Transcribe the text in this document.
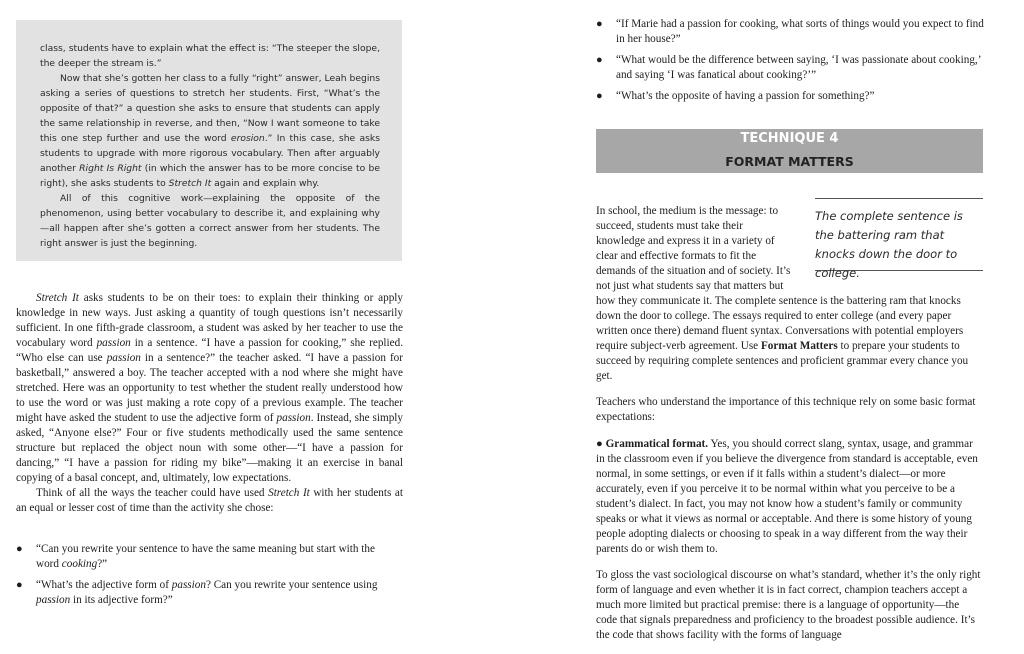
class, students have to explain what the effect is: “The steeper the slope, the deeper the stream is.”

Now that she’s gotten her class to a fully “right” answer, Leah begins asking a series of questions to stretch her students. First, “What’s the opposite of that?” a question she asks to ensure that students can apply the same relationship in reverse, and then, “Now I want someone to take this one step further and use the word erosion.” In this case, she asks students to upgrade with more rigorous vocabulary. Then after arguably another Right Is Right (in which the answer has to be more concise to be right), she asks students to Stretch It again and explain why.

All of this cognitive work—explaining the opposite of the phenomenon, using better vocabulary to describe it, and explaining why—all happen after she’s gotten a correct answer from her students. The right answer is just the beginning.

Stretch It asks students to be on their toes: to explain their thinking or apply knowledge in new ways. Just asking a quantity of tough questions isn’t necessarily sufficient. In one fifth-grade classroom, a student was asked by her teacher to use the vocabulary word passion in a sentence. “I have a passion for cooking,” she replied. “Who else can use passion in a sentence?” the teacher asked. “I have a passion for basketball,” answered a boy. The teacher accepted with a nod where she might have stretched. Here was an opportunity to test whether the student really understood how to use the word or was just making a rote copy of a previous example. The teacher might have asked the student to use the adjective form of passion. Instead, she simply asked, “Anyone else?” Four or five students methodically used the same sentence structure but replaced the object noun with some other—“I have a passion for dancing,” “I have a passion for riding my bike”—making it an exercise in banal copying of a basal concept, and, ultimately, low expectations.

Think of all the ways the teacher could have used Stretch It with her students at an equal or lesser cost of time than the activity she chose:

● “Can you rewrite your sentence to have the same meaning but start with the word cooking?”
● “What’s the adjective form of passion? Can you rewrite your sentence using passion in its adjective form?”
● “If Marie had a passion for cooking, what sorts of things would you expect to find in her house?”
● “What would be the difference between saying, ‘I was passionate about cooking,’ and saying ‘I was fanatical about cooking?’”
● “What’s the opposite of having a passion for something?”
TECHNIQUE 4
FORMAT MATTERS
The complete sentence is the battering ram that knocks down the door to college.

In school, the medium is the message: to succeed, students must take their knowledge and express it in a variety of clear and effective formats to fit the demands of the situation and of society. It’s not just what students say that matters but

how they communicate it. The complete sentence is the battering ram that knocks down the door to college. The essays required to enter college (and every paper written once there) demand fluent syntax. Conversations with potential employers require subject-verb agreement. Use Format Matters to prepare your students to succeed by requiring complete sentences and proficient grammar every chance you get.

Teachers who understand the importance of this technique rely on some basic format expectations:

● Grammatical format. Yes, you should correct slang, syntax, usage, and grammar in the classroom even if you believe the divergence from standard is acceptable, even normal, in some settings, or even if it falls within a student’s dialect—or more accurately, even if you perceive it to be normal within what you perceive to be a student’s dialect. In fact, you may not know how a student’s family or community speaks or what it views as normal or acceptable. And there is some history of young people adopting dialects or choosing to speak in a way different from the way their parents do or wish them to.

To gloss the vast sociological discourse on what’s standard, whether it’s the only right form of language and even whether it is in fact correct, champion teachers accept a much more limited but practical premise: there is a language of opportunity—the code that signals preparedness and proficiency to the broadest possible audience. It’s the code that shows facility with the forms of language
